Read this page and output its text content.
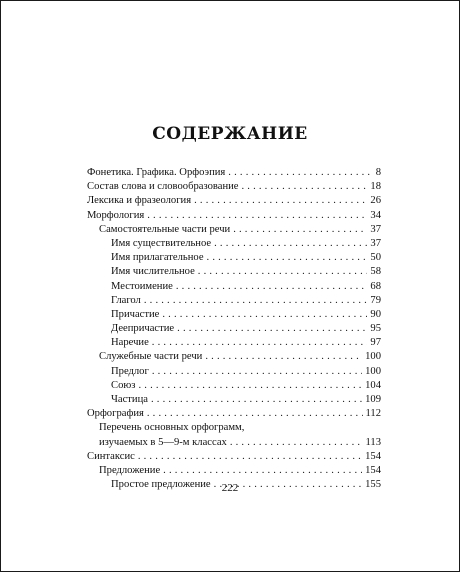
СОДЕРЖАНИЕ
Фонетика. Графика. Орфоэпия . . .	8
Состав слова и словообразование . . .	18
Лексика и фразеология . . .	26
Морфология . . .	34
Самостоятельные части речи . . .	37
Имя существительное . . .	37
Имя прилагательное . . .	50
Имя числительное . . .	58
Местоимение . . .	68
Глагол . . .	79
Причастие . . .	90
Деепричастие . . .	95
Наречие . . .	97
Служебные части речи . . .	100
Предлог . . .	100
Союз . . .	104
Частица . . .	109
Орфография . . .	112
Перечень основных орфограмм,
изучаемых в 5—9-м классах . . .	113
Синтаксис . . .	154
Предложение . . .	154
Простое предложение . . .	155
222
